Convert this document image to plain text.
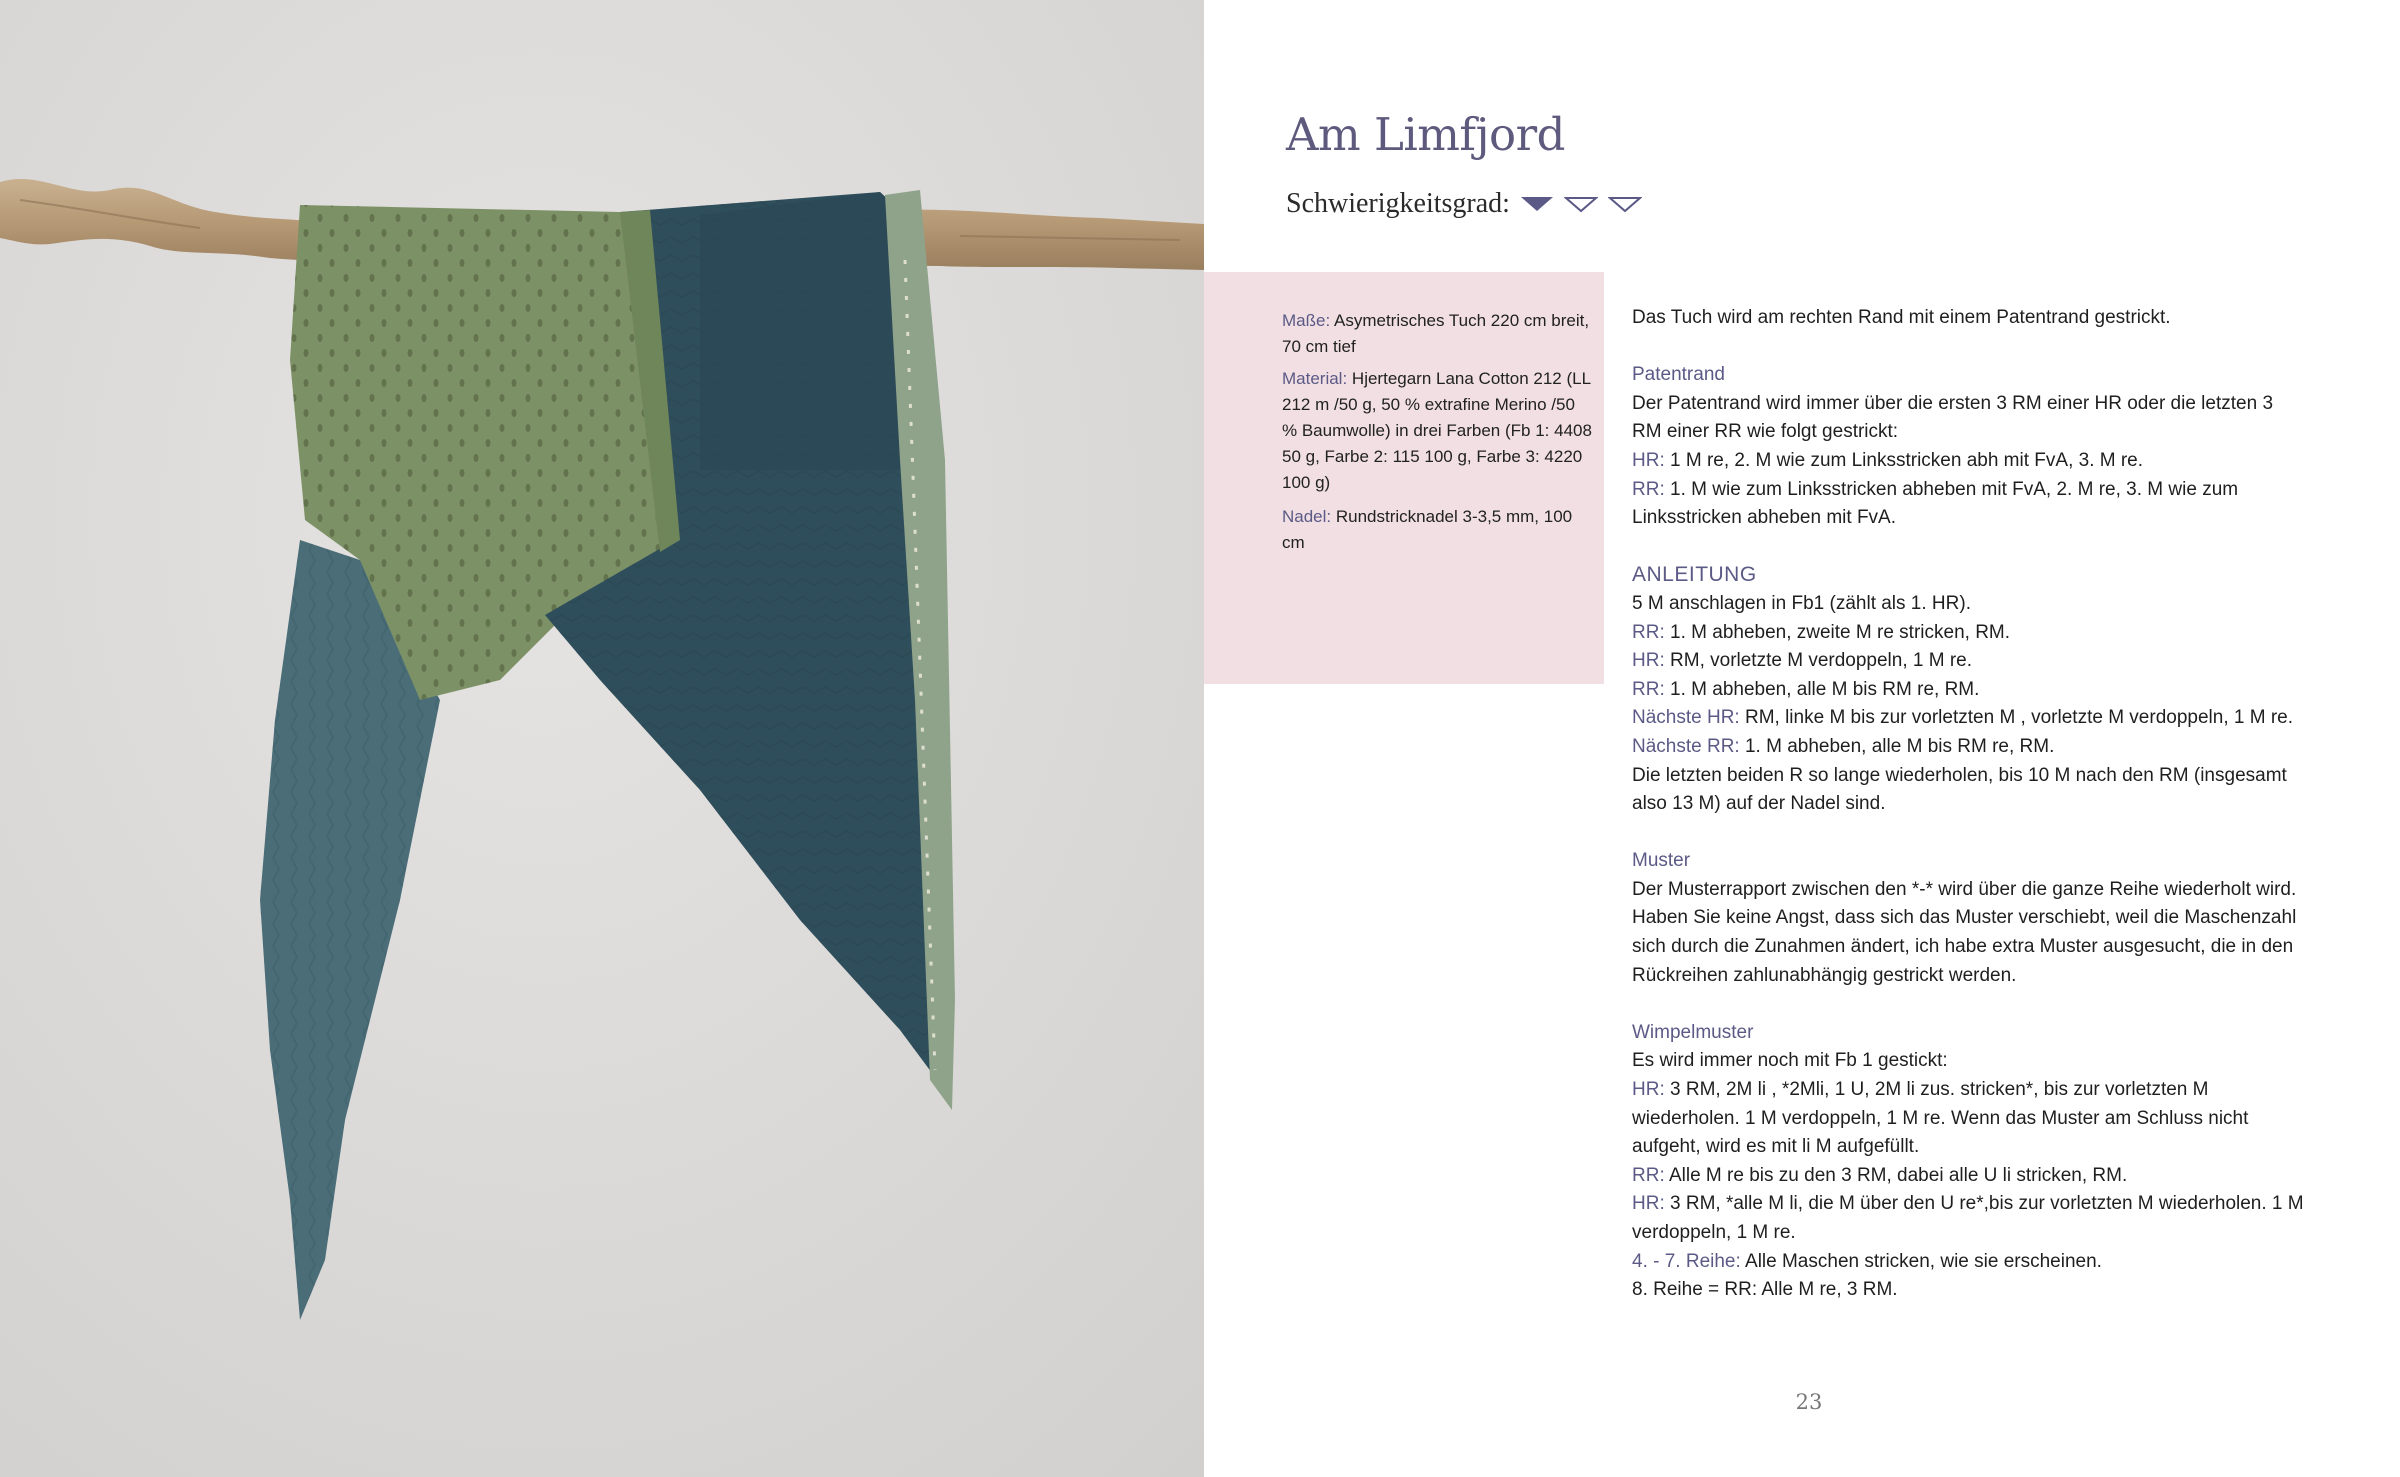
Am Limfjord
Schwierigkeitsgrad:

Maße: Asymetrisches Tuch 220 cm breit, 70 cm tief

Material: Hjertegarn Lana Cotton 212 (LL 212 m /50 g, 50 % extrafine Merino /50 % Baumwolle) in drei Farben (Fb 1: 4408 50 g, Farbe 2: 115 100 g, Farbe 3: 4220 100 g)

Nadel: Rundstricknadel 3-3,5 mm, 100 cm

Das Tuch wird am rechten Rand mit einem Patentrand gestrickt.

Patentrand

Der Patentrand wird immer über die ersten 3 RM einer HR oder die letzten 3 RM einer RR wie folgt gestrickt:

HR: 1 M re, 2. M wie zum Linksstricken abh mit FvA, 3. M re.

RR: 1. M wie zum Linksstricken abheben mit FvA, 2. M re, 3. M wie zum Linksstricken abheben mit FvA.

ANLEITUNG

5 M anschlagen in Fb1 (zählt als 1. HR).

RR: 1. M abheben, zweite M re stricken, RM.

HR: RM, vorletzte M verdoppeln, 1 M re.

RR: 1. M abheben, alle M bis RM re, RM.

Nächste HR: RM, linke M bis zur vorletzten M , vorletzte M verdoppeln, 1 M re.

Nächste RR: 1. M abheben, alle M bis RM re, RM.

Die letzten beiden R so lange wiederholen, bis 10 M nach den RM (insgesamt also 13 M) auf der Nadel sind.

Muster

Der Musterrapport zwischen den *-* wird über die ganze Reihe wiederholt wird. Haben Sie keine Angst, dass sich das Muster verschiebt, weil die Maschenzahl sich durch die Zunahmen ändert, ich habe extra Muster ausgesucht, die in den Rückreihen zahlunabhängig gestrickt werden.

Wimpelmuster

Es wird immer noch mit Fb 1 gestickt:

HR: 3 RM, 2M li , *2Mli, 1 U, 2M li zus. stricken*, bis zur vorletzten M wiederholen. 1 M verdoppeln, 1 M re. Wenn das Muster am Schluss nicht aufgeht, wird es mit li M aufgefüllt.

RR: Alle M re bis zu den 3 RM, dabei alle U li stricken, RM.

HR: 3 RM, *alle M li, die M über den U re*,bis zur vorletzten M wiederholen. 1 M verdoppeln, 1 M re.

4. - 7. Reihe: Alle Maschen stricken, wie sie erscheinen.

8. Reihe = RR: Alle M re, 3 RM.

23
